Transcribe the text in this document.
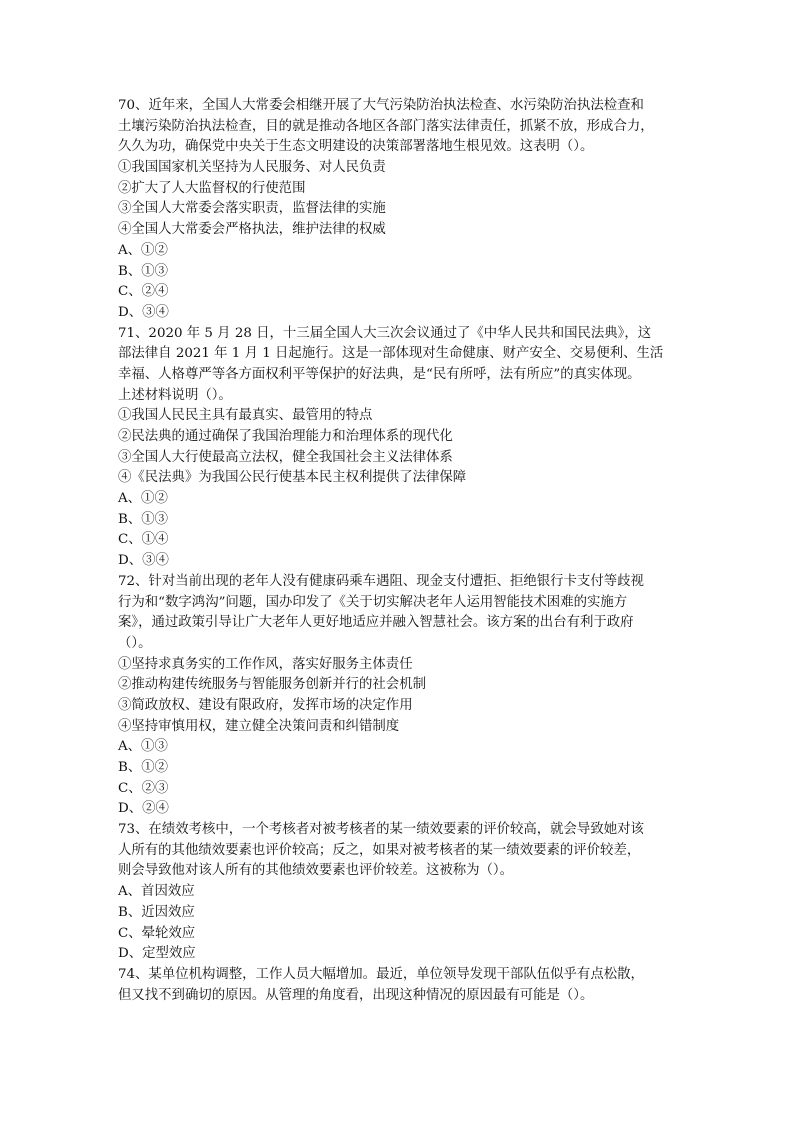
70、近年来，全国人大常委会相继开展了大气污染防治执法检查、水污染防治执法检查和
土壤污染防治执法检查，目的就是推动各地区各部门落实法律责任，抓紧不放，形成合力，
久久为功，确保党中央关于生态文明建设的决策部署落地生根见效。这表明（）。
①我国国家机关坚持为人民服务、对人民负责
②扩大了人大监督权的行使范围
③全国人大常委会落实职责，监督法律的实施
④全国人大常委会严格执法，维护法律的权威
A、①②
B、①③
C、②④
D、③④
71、2020 年 5 月 28 日，十三届全国人大三次会议通过了《中华人民共和国民法典》，这
部法律自 2021 年 1 月 1 日起施行。这是一部体现对生命健康、财产安全、交易便利、生活
幸福、人格尊严等各方面权利平等保护的好法典，是“民有所呼，法有所应”的真实体现。
上述材料说明（）。
①我国人民民主具有最真实、最管用的特点
②民法典的通过确保了我国治理能力和治理体系的现代化
③全国人大行使最高立法权，健全我国社会主义法律体系
④《民法典》为我国公民行使基本民主权利提供了法律保障
A、①②
B、①③
C、①④
D、③④
72、针对当前出现的老年人没有健康码乘车遇阻、现金支付遭拒、拒绝银行卡支付等歧视
行为和“数字鸿沟”问题，国办印发了《关于切实解决老年人运用智能技术困难的实施方
案》，通过政策引导让广大老年人更好地适应并融入智慧社会。该方案的出台有利于政府
（）。
①坚持求真务实的工作作风，落实好服务主体责任
②推动构建传统服务与智能服务创新并行的社会机制
③简政放权、建设有限政府，发挥市场的决定作用
④坚持审慎用权，建立健全决策问责和纠错制度
A、①③
B、①②
C、②③
D、②④
73、在绩效考核中，一个考核者对被考核者的某一绩效要素的评价较高，就会导致她对该
人所有的其他绩效要素也评价较高；反之，如果对被考核者的某一绩效要素的评价较差，
则会导致他对该人所有的其他绩效要素也评价较差。这被称为（）。
A、首因效应
B、近因效应
C、晕轮效应
D、定型效应
74、某单位机构调整，工作人员大幅增加。最近，单位领导发现干部队伍似乎有点松散，
但又找不到确切的原因。从管理的角度看，出现这种情况的原因最有可能是（）。
